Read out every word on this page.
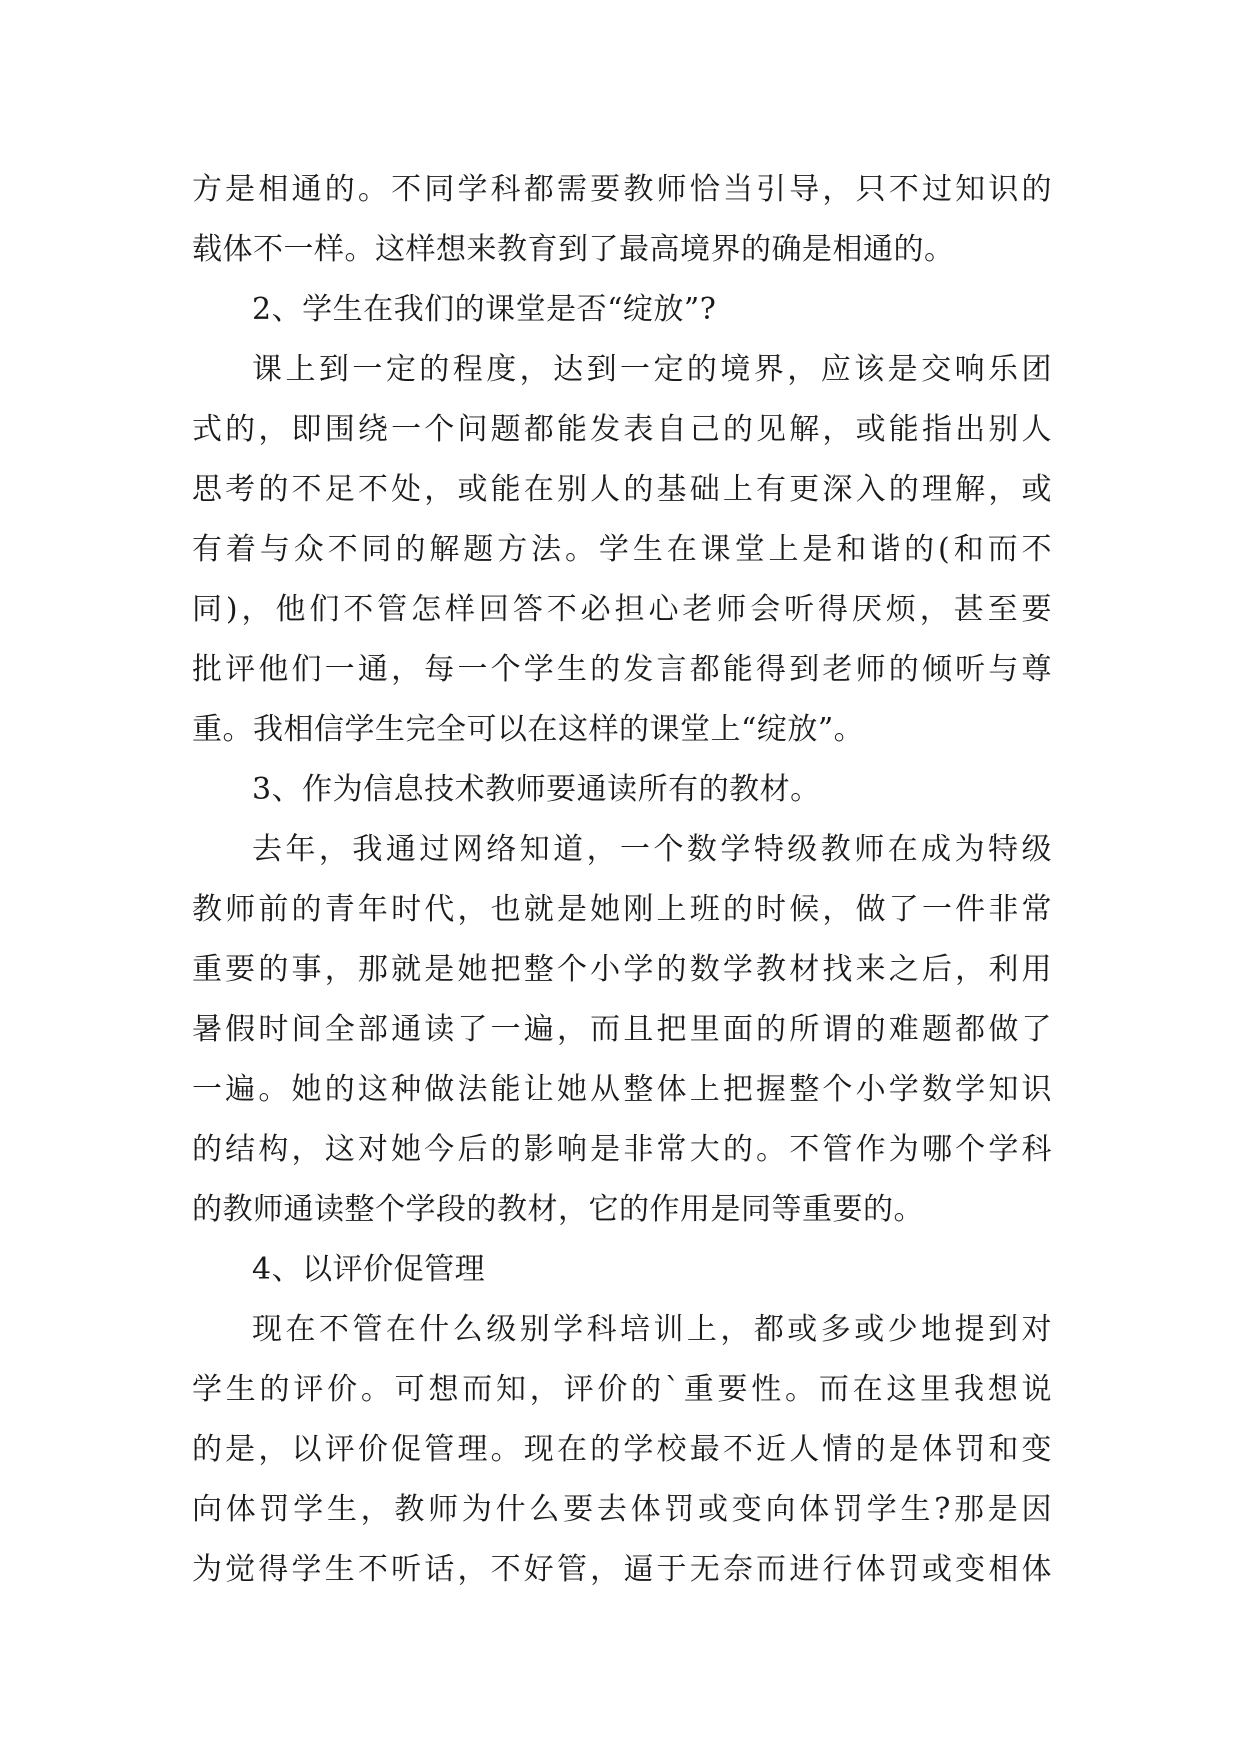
方是相通的。不同学科都需要教师恰当引导，只不过知识的
载体不一样。这样想来教育到了最高境界的确是相通的。
2、学生在我们的课堂是否“绽放”?
课上到一定的程度，达到一定的境界，应该是交响乐团
式的，即围绕一个问题都能发表自己的见解，或能指出别人
思考的不足不处，或能在别人的基础上有更深入的理解，或
有着与众不同的解题方法。学生在课堂上是和谐的(和而不
同)，他们不管怎样回答不必担心老师会听得厌烦，甚至要
批评他们一通，每一个学生的发言都能得到老师的倾听与尊
重。我相信学生完全可以在这样的课堂上“绽放”。
3、作为信息技术教师要通读所有的教材。
去年，我通过网络知道，一个数学特级教师在成为特级
教师前的青年时代，也就是她刚上班的时候，做了一件非常
重要的事，那就是她把整个小学的数学教材找来之后，利用
暑假时间全部通读了一遍，而且把里面的所谓的难题都做了
一遍。她的这种做法能让她从整体上把握整个小学数学知识
的结构，这对她今后的影响是非常大的。不管作为哪个学科
的教师通读整个学段的教材，它的作用是同等重要的。
4、以评价促管理
现在不管在什么级别学科培训上，都或多或少地提到对
学生的评价。可想而知，评价的`重要性。而在这里我想说
的是，以评价促管理。现在的学校最不近人情的是体罚和变
向体罚学生，教师为什么要去体罚或变向体罚学生?那是因
为觉得学生不听话，不好管，逼于无奈而进行体罚或变相体
